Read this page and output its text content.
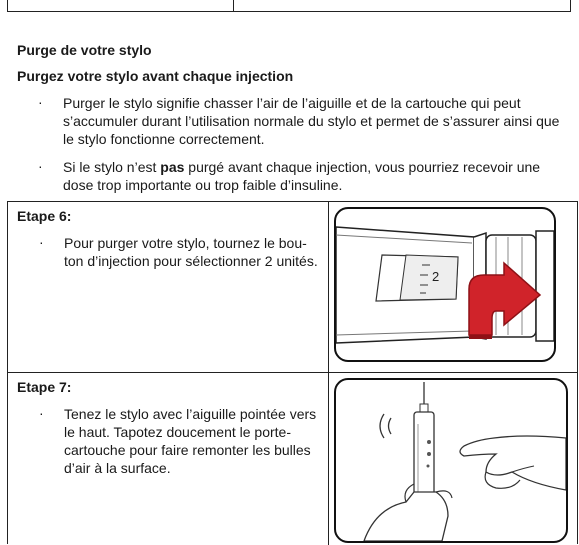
Purge de votre stylo
Purgez votre stylo avant chaque injection
· Purger le stylo signifie chasser l’air de l’aiguille et de la cartouche qui peut s’accumuler durant l’utilisation normale du stylo et permet de s’assurer ainsi que le stylo fonctionne correctement.
· Si le stylo n’est pas purgé avant chaque injection, vous pourriez recevoir une dose trop importante ou trop faible d’insuline.
Etape 6:
· Pour purger votre stylo, tournez le bou-ton d’injection pour sélectionner 2 unités.
2
Etape 7:
· Tenez le stylo avec l’aiguille pointée vers le haut. Tapotez doucement le porte-cartouche pour faire remonter les bulles d’air à la surface.
